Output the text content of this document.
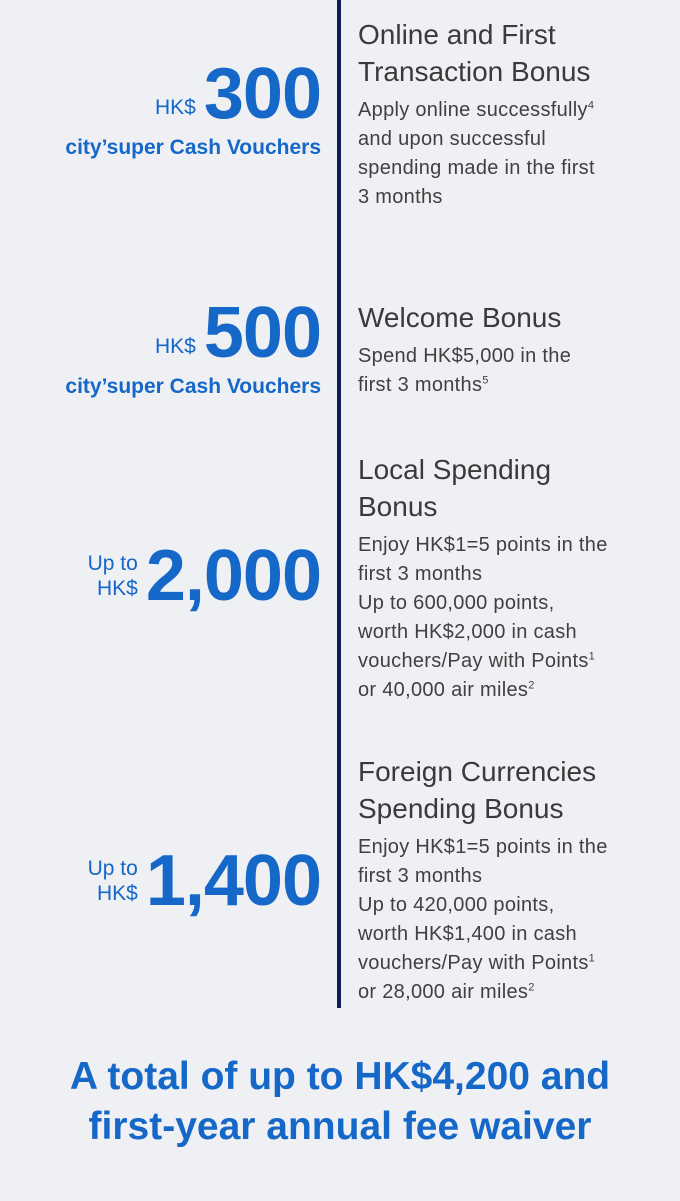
HK$ 300
city’super Cash Vouchers
Online and First
Transaction Bonus
Apply online successfully$^4$
and upon successful
spending made in the first
3 months
HK$ 500
city’super Cash Vouchers
Welcome Bonus
Spend HK$5,000 in the
first 3 months$^5$
Up to
HK$ 2,000
Local Spending
Bonus
Enjoy HK$1=5 points in the
first 3 months
Up to 600,000 points,
worth HK$2,000 in cash
vouchers/Pay with Points$^1$
or 40,000 air miles$^2$
Up to
HK$ 1,400
Foreign Currencies
Spending Bonus
Enjoy HK$1=5 points in the
first 3 months
Up to 420,000 points,
worth HK$1,400 in cash
vouchers/Pay with Points$^1$
or 28,000 air miles$^2$
A total of up to HK$4,200 and
first-year annual fee waiver
